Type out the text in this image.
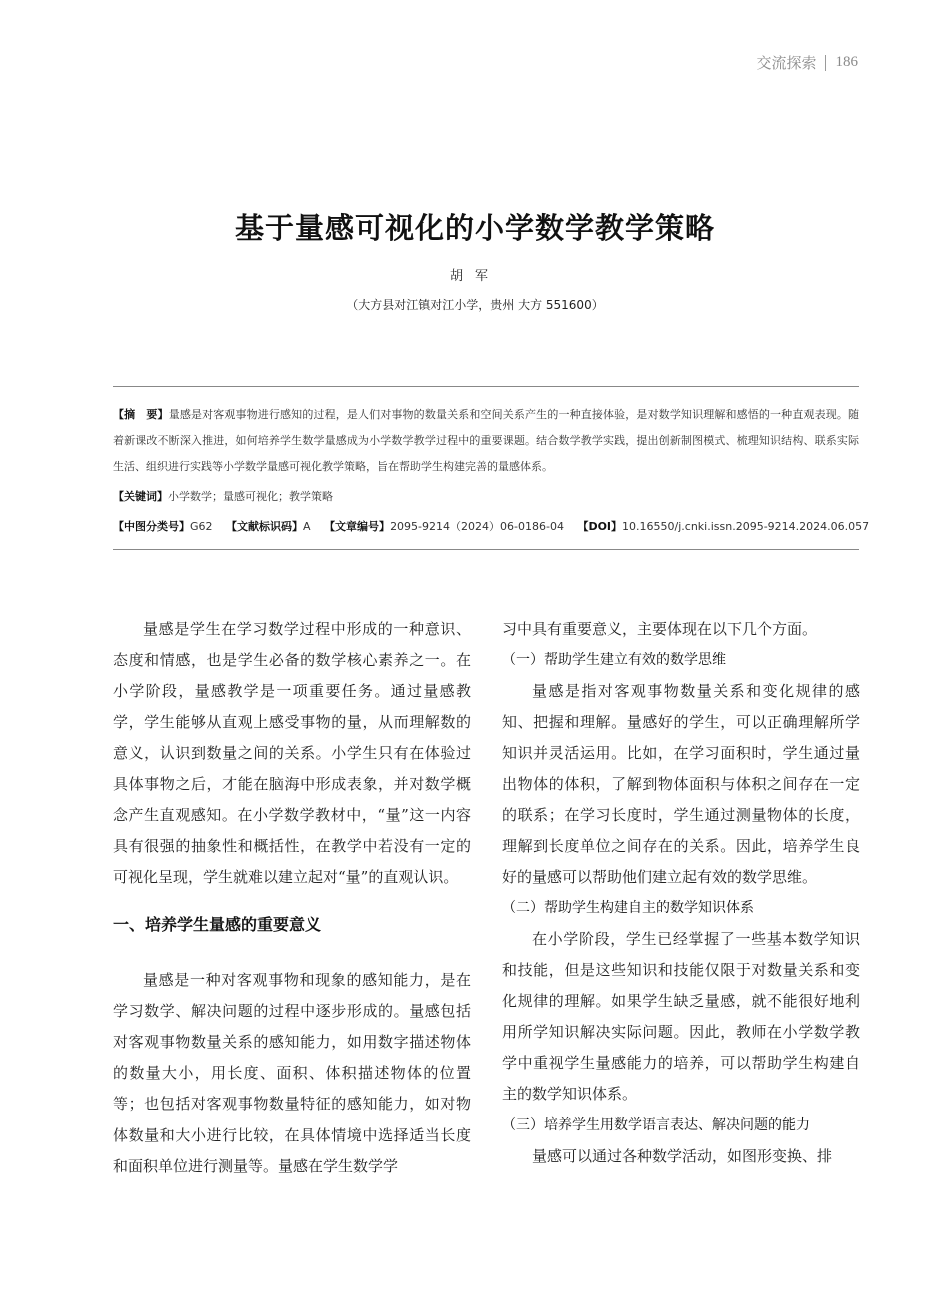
交流探索 186
基于量感可视化的小学数学教学策略
胡军
（大方县对江镇对江小学，贵州 大方 551600）

【摘　要】量感是对客观事物进行感知的过程，是人们对事物的数量关系和空间关系产生的一种直接体验，是对数学知识理解和感悟的一种直观表现。随着新课改不断深入推进，如何培养学生数学量感成为小学数学教学过程中的重要课题。结合数学教学实践，提出创新制图模式、梳理知识结构、联系实际生活、组织进行实践等小学数学量感可视化教学策略，旨在帮助学生构建完善的量感体系。

【关键词】小学数学；量感可视化；教学策略

【中图分类号】G62 【文献标识码】A 【文章编号】2095-9214（2024）06-0186-04 【DOI】10.16550/j.cnki.issn.2095-9214.2024.06.057

量感是学生在学习数学过程中形成的一种意识、态度和情感，也是学生必备的数学核心素养之一。在小学阶段，量感教学是一项重要任务。通过量感教学，学生能够从直观上感受事物的量，从而理解数的意义，认识到数量之间的关系。小学生只有在体验过具体事物之后，才能在脑海中形成表象，并对数学概念产生直观感知。在小学数学教材中，“量”这一内容具有很强的抽象性和概括性，在教学中若没有一定的可视化呈现，学生就难以建立起对“量”的直观认识。

一、培养学生量感的重要意义

量感是一种对客观事物和现象的感知能力，是在学习数学、解决问题的过程中逐步形成的。量感包括对客观事物数量关系的感知能力，如用数字描述物体的数量大小，用长度、面积、体积描述物体的位置等；也包括对客观事物数量特征的感知能力，如对物体数量和大小进行比较，在具体情境中选择适当长度和面积单位进行测量等。量感在学生数学学

习中具有重要意义，主要体现在以下几个方面。

（一）帮助学生建立有效的数学思维

量感是指对客观事物数量关系和变化规律的感知、把握和理解。量感好的学生，可以正确理解所学知识并灵活运用。比如，在学习面积时，学生通过量出物体的体积，了解到物体面积与体积之间存在一定的联系；在学习长度时，学生通过测量物体的长度，理解到长度单位之间存在的关系。因此，培养学生良好的量感可以帮助他们建立起有效的数学思维。

（二）帮助学生构建自主的数学知识体系

在小学阶段，学生已经掌握了一些基本数学知识和技能，但是这些知识和技能仅限于对数量关系和变化规律的理解。如果学生缺乏量感，就不能很好地利用所学知识解决实际问题。因此，教师在小学数学教学中重视学生量感能力的培养，可以帮助学生构建自主的数学知识体系。

（三）培养学生用数学语言表达、解决问题的能力

量感可以通过各种数学活动，如图形变换、排
